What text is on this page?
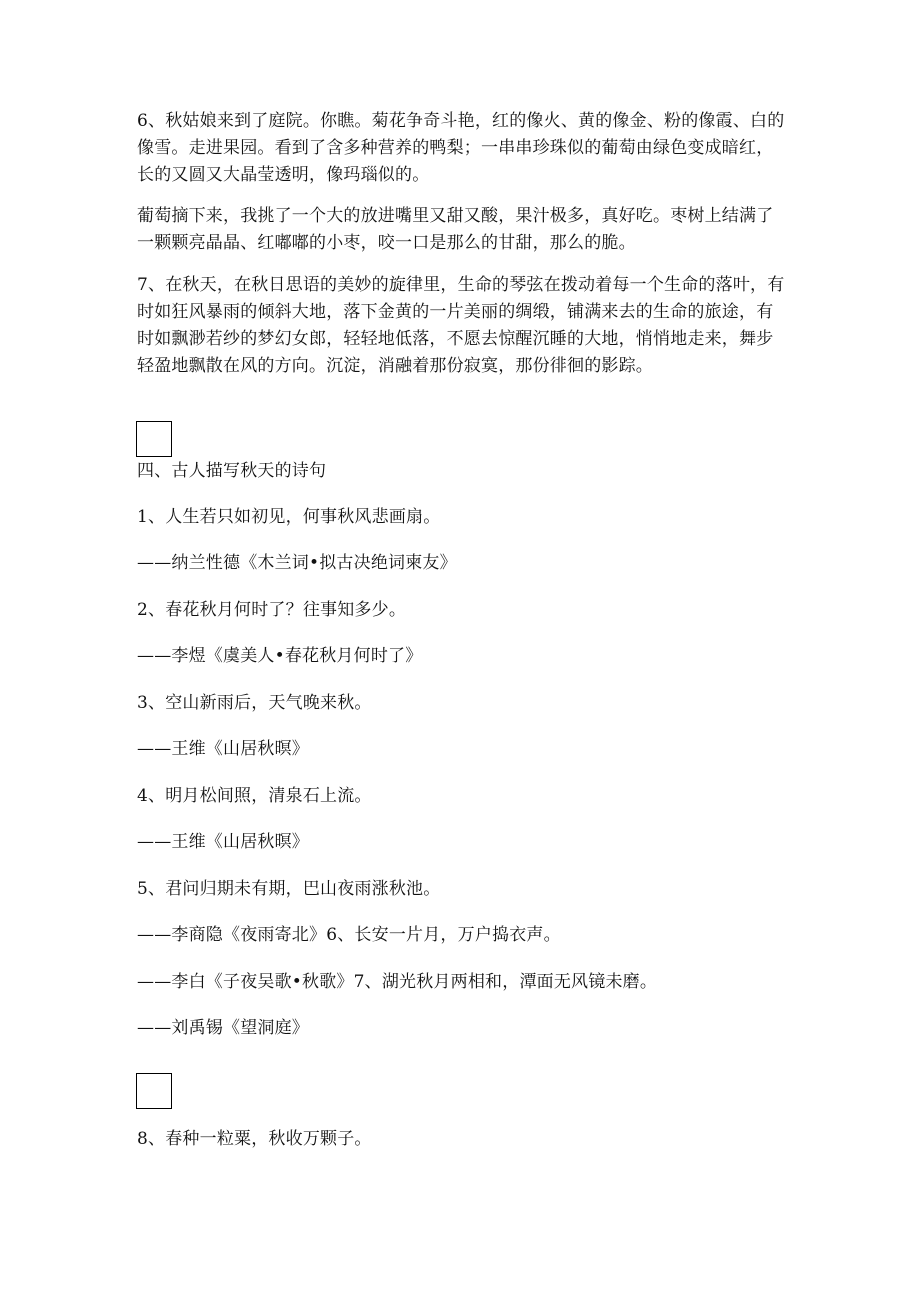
6、秋姑娘来到了庭院。你瞧。菊花争奇斗艳，红的像火、黄的像金、粉的像霞、白的像雪。走进果园。看到了含多种营养的鸭梨；一串串珍珠似的葡萄由绿色变成暗红，长的又圆又大晶莹透明，像玛瑙似的。

葡萄摘下来，我挑了一个大的放进嘴里又甜又酸，果汁极多，真好吃。枣树上结满了一颗颗亮晶晶、红嘟嘟的小枣，咬一口是那么的甘甜，那么的脆。

7、在秋天，在秋日思语的美妙的旋律里，生命的琴弦在拨动着每一个生命的落叶，有时如狂风暴雨的倾斜大地，落下金黄的一片美丽的绸缎，铺满来去的生命的旅途，有时如飘渺若纱的梦幻女郎，轻轻地低落，不愿去惊醒沉睡的大地，悄悄地走来，舞步轻盈地飘散在风的方向。沉淀，消融着那份寂寞，那份徘徊的影踪。

四、古人描写秋天的诗句

1、人生若只如初见，何事秋风悲画扇。

——纳兰性德《木兰词•拟古决绝词柬友》

2、春花秋月何时了？往事知多少。

——李煜《虞美人•春花秋月何时了》

3、空山新雨后，天气晚来秋。

——王维《山居秋暝》

4、明月松间照，清泉石上流。

——王维《山居秋暝》

5、君问归期未有期，巴山夜雨涨秋池。

——李商隐《夜雨寄北》6、长安一片月，万户捣衣声。

——李白《子夜吴歌•秋歌》7、湖光秋月两相和，潭面无风镜未磨。

——刘禹锡《望洞庭》

8、春种一粒粟，秋收万颗子。
